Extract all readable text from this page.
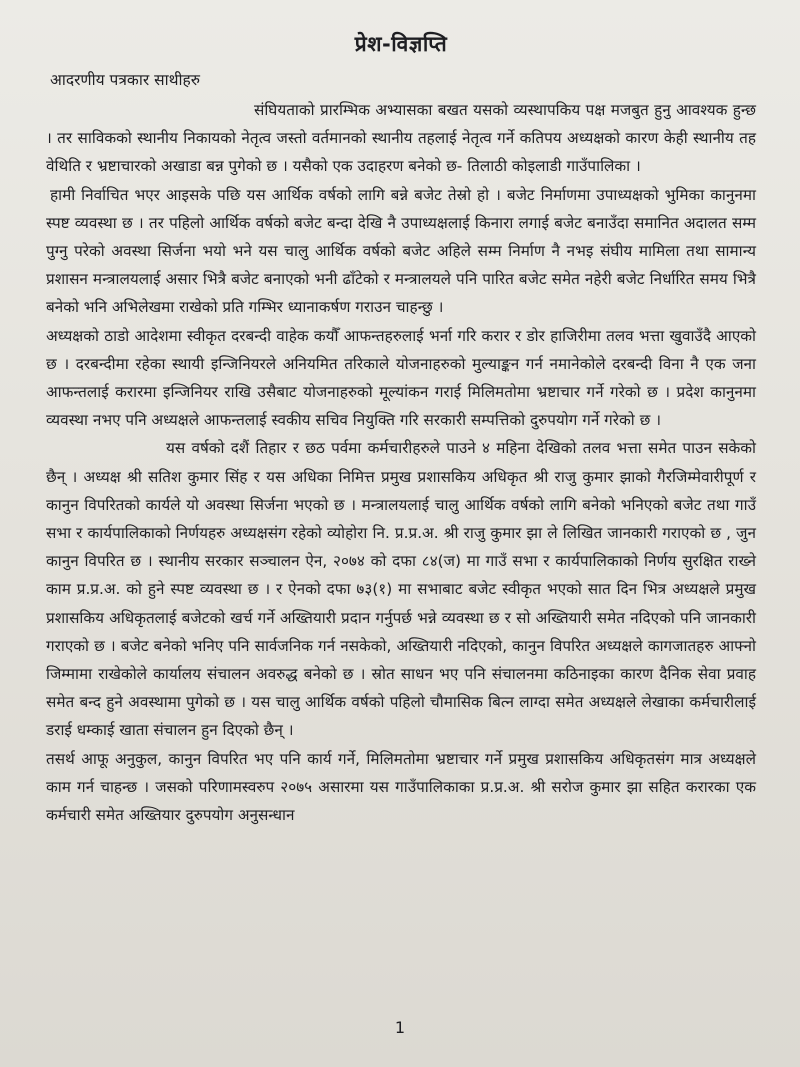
प्रेश-विज्ञप्ति
आदरणीय पत्रकार साथीहरु

संघियताको प्रारम्भिक अभ्यासका बखत यसको व्यस्थापकिय पक्ष मजबुत हुनु आवश्यक हुन्छ । तर साविकको स्थानीय निकायको नेतृत्व जस्तो वर्तमानको स्थानीय तहलाई नेतृत्व गर्ने कतिपय अध्यक्षको कारण केही स्थानीय तह वेथिति र भ्रष्टाचारको अखाडा बन्न पुगेको छ । यसैको एक उदाहरण बनेको छ- तिलाठी कोइलाडी गाउँपालिका ।

हामी निर्वाचित भएर आइसके पछि यस आर्थिक वर्षको लागि बन्ने बजेट तेस्रो हो । बजेट निर्माणमा उपाध्यक्षको भुमिका कानुनमा स्पष्ट व्यवस्था छ । तर पहिलो आर्थिक वर्षको बजेट बन्दा देखि नै उपाध्यक्षलाई किनारा लगाई बजेट बनाउँदा समानित अदालत सम्म पुग्नु परेको अवस्था सिर्जना भयो भने यस चालु आर्थिक वर्षको बजेट अहिले सम्म निर्माण नै नभइ संघीय मामिला तथा सामान्य प्रशासन मन्त्रालयलाई असार भित्रै बजेट बनाएको भनी ढाँटेको र मन्त्रालयले पनि पारित बजेट समेत नहेरी बजेट निर्धारित समय भित्रै बनेको भनि अभिलेखमा राखेको प्रति गम्भिर ध्यानाकर्षण गराउन चाहन्छु ।

अध्यक्षको ठाडो आदेशमा स्वीकृत दरबन्दी वाहेक कयौँ आफन्तहरुलाई भर्ना गरि करार र डोर हाजिरीमा तलव भत्ता खुवाउँदै आएको छ । दरबन्दीमा रहेका स्थायी इन्जिनियरले अनियमित तरिकाले योजनाहरुको मुल्याङ्कन गर्न नमानेकोले दरबन्दी विना नै एक जना आफन्तलाई करारमा इन्जिनियर राखि उसैबाट योजनाहरुको मूल्यांकन गराई मिलिमतोमा भ्रष्टाचार गर्ने गरेको छ । प्रदेश कानुनमा व्यवस्था नभए पनि अध्यक्षले आफन्तलाई स्वकीय सचिव नियुक्ति गरि सरकारी सम्पत्तिको दुरुपयोग गर्ने गरेको छ ।

यस वर्षको दशैं तिहार र छठ पर्वमा कर्मचारीहरुले पाउने ४ महिना देखिको तलव भत्ता समेत पाउन सकेको छैन् । अध्यक्ष श्री सतिश कुमार सिंह र यस अधिका निमित्त प्रमुख प्रशासकिय अधिकृत श्री राजु कुमार झाको गैरजिम्मेवारीपूर्ण र कानुन विपरितको कार्यले यो अवस्था सिर्जना भएको छ । मन्त्रालयलाई चालु आर्थिक वर्षको लागि बनेको भनिएको बजेट तथा गाउँ सभा र कार्यपालिकाको निर्णयहरु अध्यक्षसंग रहेको व्योहोरा नि. प्र.प्र.अ. श्री राजु कुमार झा ले लिखित जानकारी गराएको छ , जुन कानुन विपरित छ । स्थानीय सरकार सञ्चालन ऐन, २०७४ को दफा ८४(ज) मा गाउँ सभा र कार्यपालिकाको निर्णय सुरक्षित राख्ने काम प्र.प्र.अ. को हुने स्पष्ट व्यवस्था छ । र ऐनको दफा ७३(१) मा सभाबाट बजेट स्वीकृत भएको सात दिन भित्र अध्यक्षले प्रमुख प्रशासकिय अधिकृतलाई बजेटको खर्च गर्ने अख्तियारी प्रदान गर्नुपर्छ भन्ने व्यवस्था छ र सो अख्तियारी समेत नदिएको पनि जानकारी गराएको छ । बजेट बनेको भनिए पनि सार्वजनिक गर्न नसकेको, अख्तियारी नदिएको, कानुन विपरित अध्यक्षले कागजातहरु आफ्नो जिम्मामा राखेकोले कार्यालय संचालन अवरुद्ध बनेको छ । स्रोत साधन भए पनि संचालनमा कठिनाइका कारण दैनिक सेवा प्रवाह समेत बन्द हुने अवस्थामा पुगेको छ । यस चालु आर्थिक वर्षको पहिलो चौमासिक बित्न लाग्दा समेत अध्यक्षले लेखाका कर्मचारीलाई डराई धम्काई खाता संचालन हुन दिएको छैन् ।

तसर्थ आफू अनुकुल, कानुन विपरित भए पनि कार्य गर्ने, मिलिमतोमा भ्रष्टाचार गर्ने प्रमुख प्रशासकिय अधिकृतसंग मात्र अध्यक्षले काम गर्न चाहन्छ । जसको परिणामस्वरुप २०७५ असारमा यस गाउँपालिकाका प्र.प्र.अ. श्री सरोज कुमार झा सहित करारका एक कर्मचारी समेत अख्तियार दुरुपयोग अनुसन्धान

1
